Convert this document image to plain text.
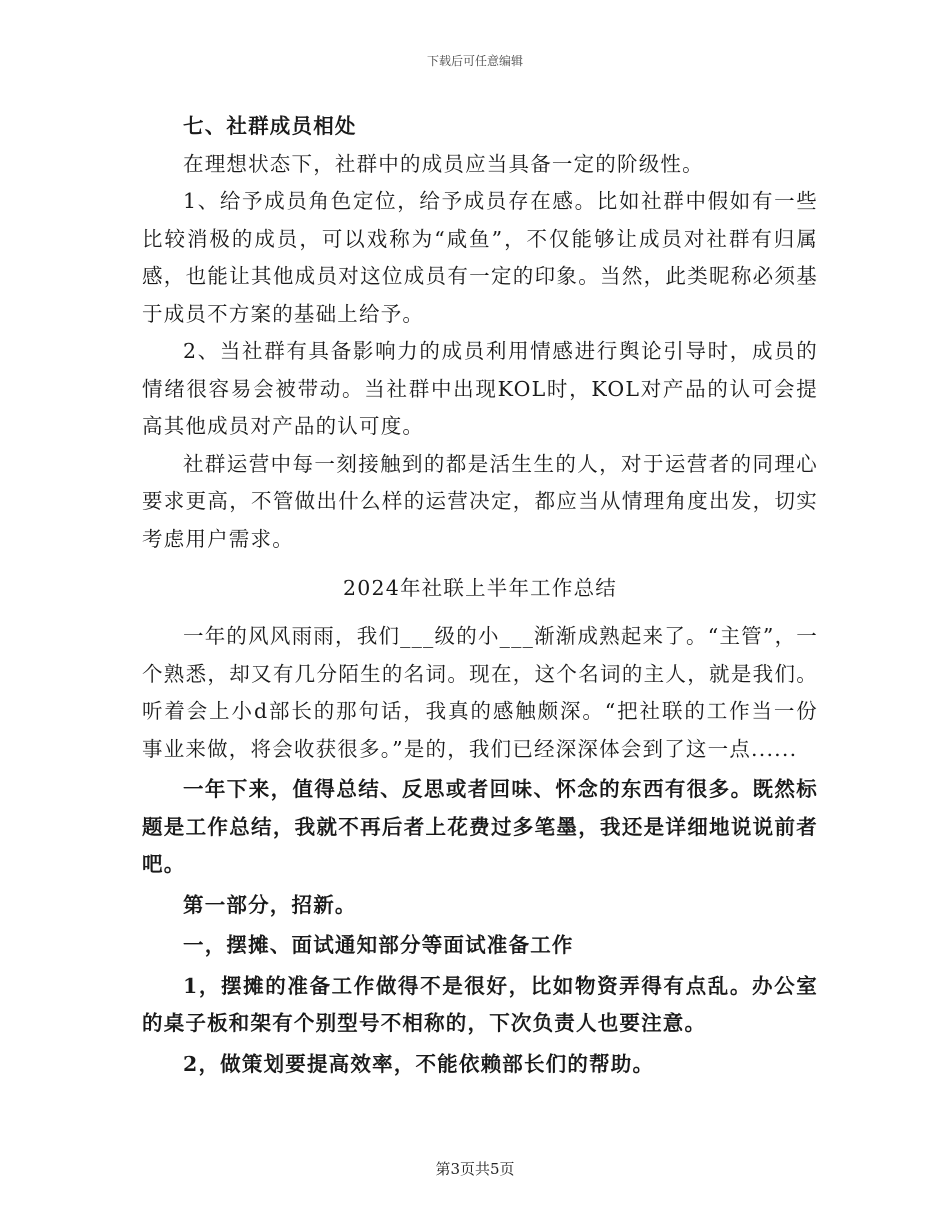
下载后可任意编辑
七、社群成员相处

在理想状态下，社群中的成员应当具备一定的阶级性。

1、给予成员角色定位，给予成员存在感。比如社群中假如有一些比较消极的成员，可以戏称为“咸鱼”，不仅能够让成员对社群有归属感，也能让其他成员对这位成员有一定的印象。当然，此类昵称必须基于成员不方案的基础上给予。

2、当社群有具备影响力的成员利用情感进行舆论引导时，成员的情绪很容易会被带动。当社群中出现KOL时，KOL对产品的认可会提高其他成员对产品的认可度。

社群运营中每一刻接触到的都是活生生的人，对于运营者的同理心要求更高，不管做出什么样的运营决定，都应当从情理角度出发，切实考虑用户需求。

2024年社联上半年工作总结

一年的风风雨雨，我们___级的小___渐渐成熟起来了。“主管”，一个熟悉，却又有几分陌生的名词。现在，这个名词的主人，就是我们。听着会上小d部长的那句话，我真的感触颇深。“把社联的工作当一份事业来做，将会收获很多。”是的，我们已经深深体会到了这一点......

一年下来，值得总结、反思或者回味、怀念的东西有很多。既然标题是工作总结，我就不再后者上花费过多笔墨，我还是详细地说说前者吧。

第一部分，招新。

一，摆摊、面试通知部分等面试准备工作

1，摆摊的准备工作做得不是很好，比如物资弄得有点乱。办公室的桌子板和架有个别型号不相称的，下次负责人也要注意。

2，做策划要提高效率，不能依赖部长们的帮助。

第3页共5页
